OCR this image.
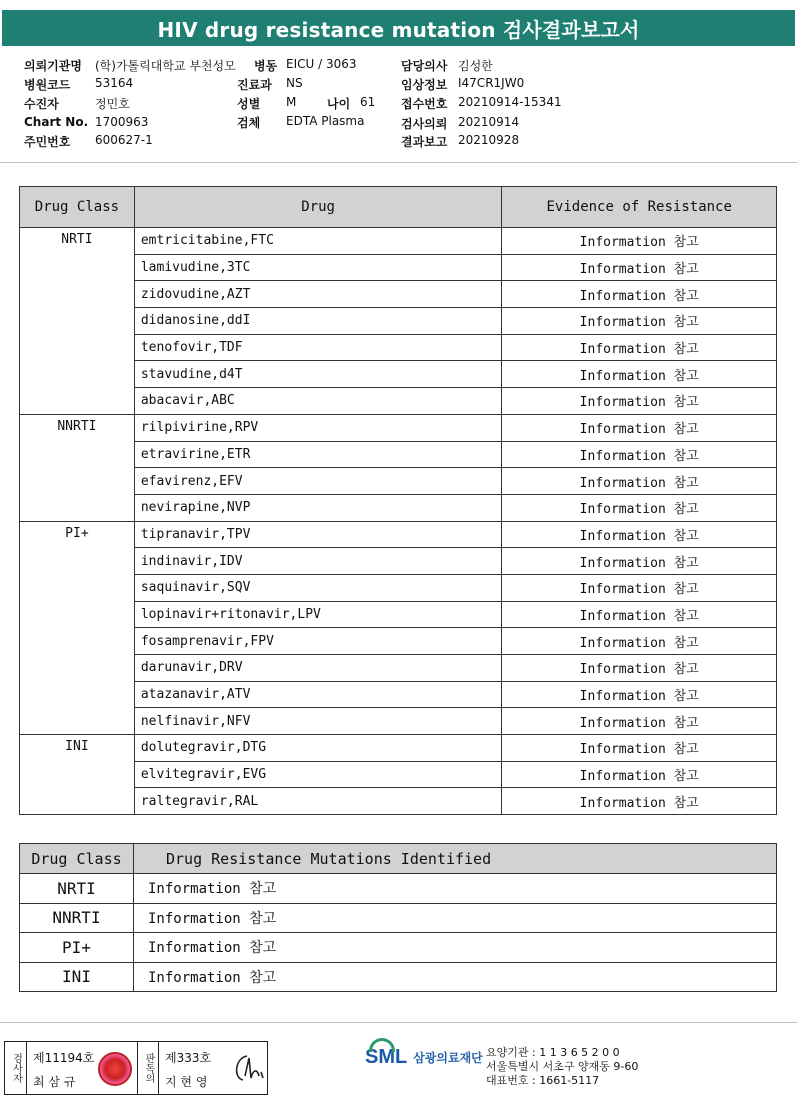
HIV drug resistance mutation 검사결과보고서
의뢰기관명 (학)가톨릭대학교 부천성모 병동 EICU / 3063	담당의사 김성한
병원코드 53164	진료과 NS	임상정보 I47CR1JW0
수진자	정민호	성별 M	나이 61 접수번호 20210914-15341
Chart No. 1700963	검체 EDTA Plasma	검사의뢰 20210914
주민번호 600627-1	결과보고 20210928
Drug Class	Drug	Evidence of Resistance
NRTI	emtricitabine,FTC	Information 참고
	lamivudine,3TC	Information 참고
	zidovudine,AZT	Information 참고
	didanosine,ddI	Information 참고
	tenofovir,TDF	Information 참고
	stavudine,d4T	Information 참고
	abacavir,ABC	Information 참고
NNRTI	rilpivirine,RPV	Information 참고
	etravirine,ETR	Information 참고
	efavirenz,EFV	Information 참고
	nevirapine,NVP	Information 참고
PI+	tipranavir,TPV	Information 참고
	indinavir,IDV	Information 참고
	saquinavir,SQV	Information 참고
	lopinavir+ritonavir,LPV	Information 참고
	fosamprenavir,FPV	Information 참고
	darunavir,DRV	Information 참고
	atazanavir,ATV	Information 참고
	nelfinavir,NFV	Information 참고
INI	dolutegravir,DTG	Information 참고
	elvitegravir,EVG	Information 참고
	raltegravir,RAL	Information 참고
Drug Class	Drug Resistance Mutations Identified
NRTI	Information 참고
NNRTI	Information 참고
PI+	Information 참고
INI	Information 참고
검사자 제11194호
최 삼 규	판독의 제333호
지 현 영
SML 삼광의료재단 요양기관 : 1 1 3 6 5 2 0 0
서울특별시 서초구 양재동 9-60
대표번호 : 1661-5117
